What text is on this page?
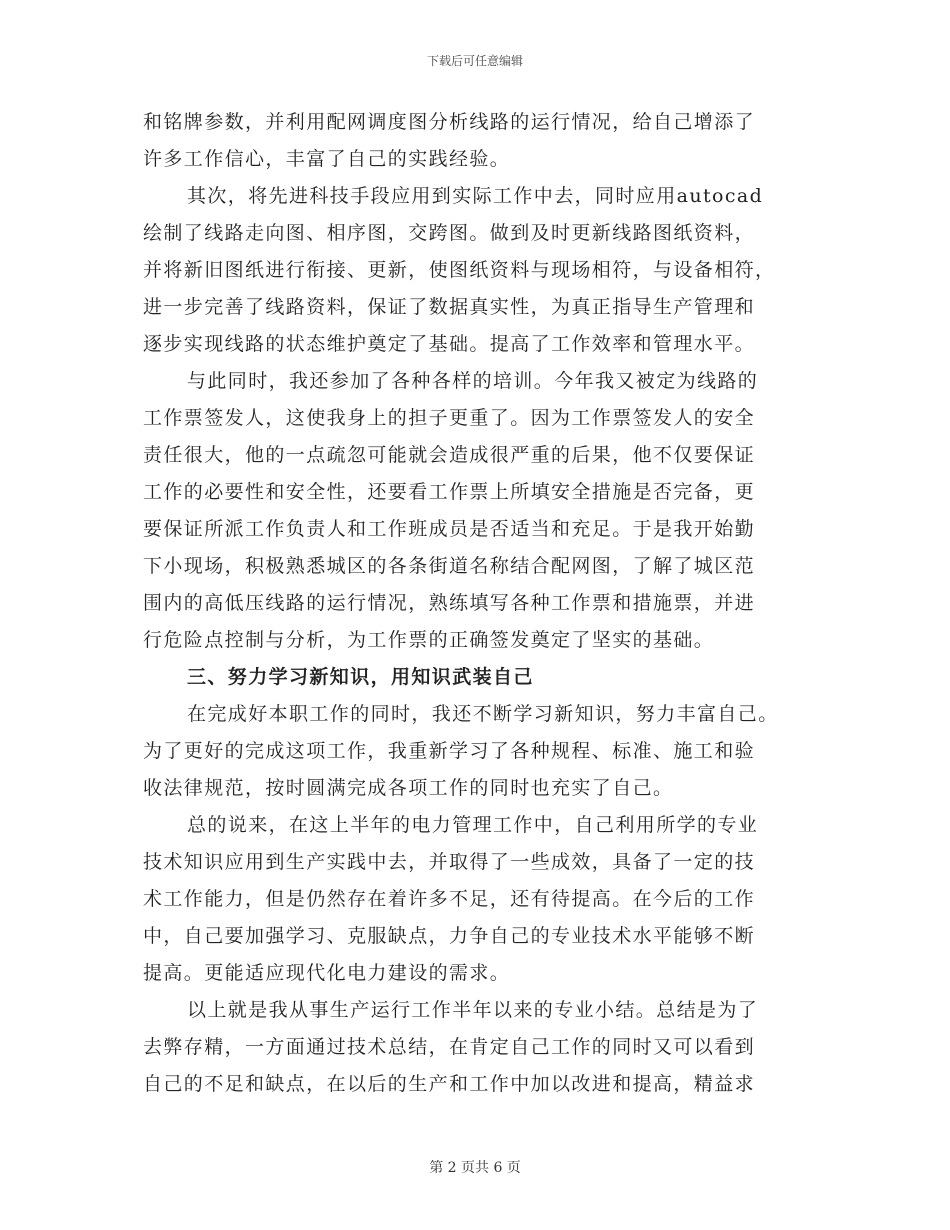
下载后可任意编辑
和铭牌参数，并利用配网调度图分析线路的运行情况，给自己增添了
许多工作信心，丰富了自己的实践经验。
其次，将先进科技手段应用到实际工作中去，同时应用autocad
绘制了线路走向图、相序图，交跨图。做到及时更新线路图纸资料，
并将新旧图纸进行衔接、更新，使图纸资料与现场相符，与设备相符，
进一步完善了线路资料，保证了数据真实性，为真正指导生产管理和
逐步实现线路的状态维护奠定了基础。提高了工作效率和管理水平。
与此同时，我还参加了各种各样的培训。今年我又被定为线路的
工作票签发人，这使我身上的担子更重了。因为工作票签发人的安全
责任很大，他的一点疏忽可能就会造成很严重的后果，他不仅要保证
工作的必要性和安全性，还要看工作票上所填安全措施是否完备，更
要保证所派工作负责人和工作班成员是否适当和充足。于是我开始勤
下小现场，积极熟悉城区的各条街道名称结合配网图，了解了城区范
围内的高低压线路的运行情况，熟练填写各种工作票和措施票，并进
行危险点控制与分析，为工作票的正确签发奠定了坚实的基础。
三、努力学习新知识，用知识武装自己
在完成好本职工作的同时，我还不断学习新知识，努力丰富自己。
为了更好的完成这项工作，我重新学习了各种规程、标准、施工和验
收法律规范，按时圆满完成各项工作的同时也充实了自己。
总的说来，在这上半年的电力管理工作中，自己利用所学的专业
技术知识应用到生产实践中去，并取得了一些成效，具备了一定的技
术工作能力，但是仍然存在着许多不足，还有待提高。在今后的工作
中，自己要加强学习、克服缺点，力争自己的专业技术水平能够不断
提高。更能适应现代化电力建设的需求。
以上就是我从事生产运行工作半年以来的专业小结。总结是为了
去弊存精，一方面通过技术总结，在肯定自己工作的同时又可以看到
自己的不足和缺点，在以后的生产和工作中加以改进和提高，精益求
第 2 页共 6 页
